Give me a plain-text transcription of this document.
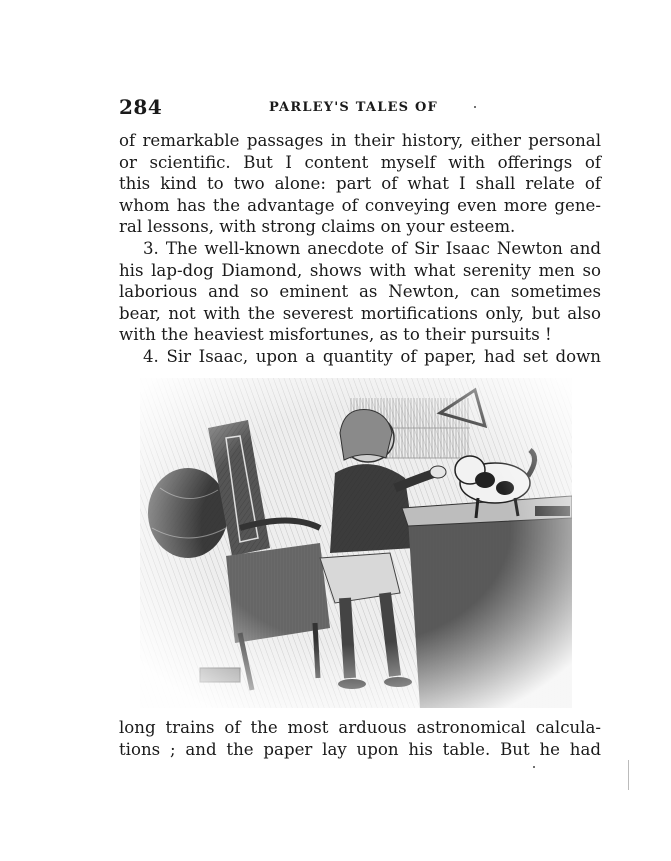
284	PARLEY'S TALES OF

of remarkable passages in their history, either personal

or scientific. But I content myself with offerings of

this kind to two alone: part of what I shall relate of

whom has the advantage of conveying even more gene-

ral lessons, with strong claims on your esteem.

3. The well-known anecdote of Sir Isaac Newton and

his lap-dog Diamond, shows with what serenity men so

laborious and so eminent as Newton, can sometimes

bear, not with the severest mortifications only, but also

with the heaviest misfortunes, as to their pursuits !

4. Sir Isaac, upon a quantity of paper, had set down

long trains of the most arduous astronomical calcula-

tions ; and the paper lay upon his table. But he had
